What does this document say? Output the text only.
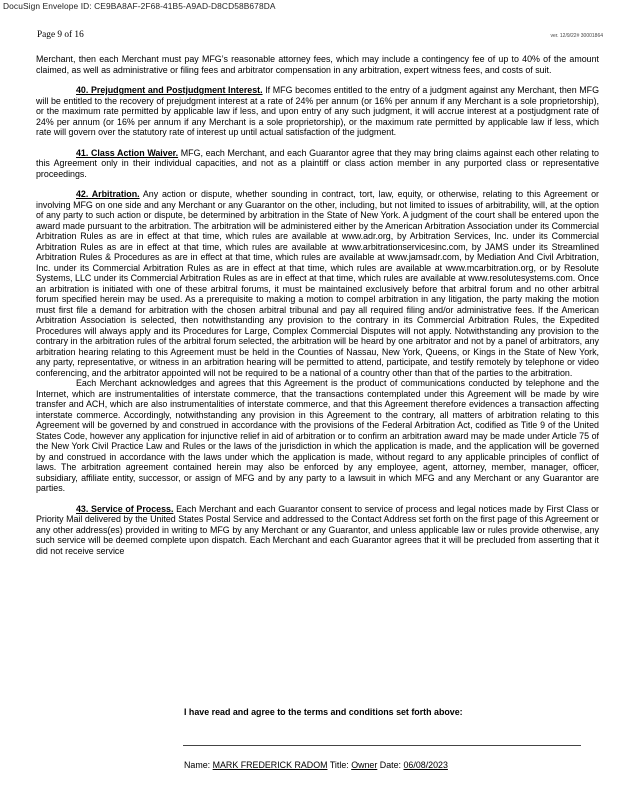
DocuSign Envelope ID: CE9BA8AF-2F68-41B5-A9AD-D8CD58B678DA
Page 9 of 16	ver. 12/9/22# 30001864

Merchant, then each Merchant must pay MFG’s reasonable attorney fees, which may include a contingency fee of up to 40% of the amount claimed, as well as administrative or filing fees and arbitrator compensation in any arbitration, expert witness fees, and costs of suit.

40. Prejudgment and Postjudgment Interest. If MFG becomes entitled to the entry of a judgment against any Merchant, then MFG will be entitled to the recovery of prejudgment interest at a rate of 24% per annum (or 16% per annum if any Merchant is a sole proprietorship), or the maximum rate permitted by applicable law if less, and upon entry of any such judgment, it will accrue interest at a postjudgment rate of 24% per annum (or 16% per annum if any Merchant is a sole proprietorship), or the maximum rate permitted by applicable law if less, which rate will govern over the statutory rate of interest up until actual satisfaction of the judgment.

41. Class Action Waiver. MFG, each Merchant, and each Guarantor agree that they may bring claims against each other relating to this Agreement only in their individual capacities, and not as a plaintiff or class action member in any purported class or representative proceedings.

42. Arbitration. Any action or dispute, whether sounding in contract, tort, law, equity, or otherwise, relating to this Agreement or involving MFG on one side and any Merchant or any Guarantor on the other, including, but not limited to issues of arbitrability, will, at the option of any party to such action or dispute, be determined by arbitration in the State of New York. A judgment of the court shall be entered upon the award made pursuant to the arbitration. The arbitration will be administered either by the American Arbitration Association under its Commercial Arbitration Rules as are in effect at that time, which rules are available at www.adr.org, by Arbitration Services, Inc. under its Commercial Arbitration Rules as are in effect at that time, which rules are available at www.arbitrationservicesinc.com, by JAMS under its Streamlined Arbitration Rules & Procedures as are in effect at that time, which rules are available at www.jamsadr.com, by Mediation And Civil Arbitration, Inc. under its Commercial Arbitration Rules as are in effect at that time, which rules are available at www.mcarbitration.org, or by Resolute Systems, LLC under its Commercial Arbitration Rules as are in effect at that time, which rules are available at www.resolutesystems.com. Once an arbitration is initiated with one of these arbitral forums, it must be maintained exclusively before that arbitral forum and no other arbitral forum specified herein may be used. As a prerequisite to making a motion to compel arbitration in any litigation, the party making the motion must first file a demand for arbitration with the chosen arbitral tribunal and pay all required filing and/or administrative fees. If the American Arbitration Association is selected, then notwithstanding any provision to the contrary in its Commercial Arbitration Rules, the Expedited Procedures will always apply and its Procedures for Large, Complex Commercial Disputes will not apply. Notwithstanding any provision to the contrary in the arbitration rules of the arbitral forum selected, the arbitration will be heard by one arbitrator and not by a panel of arbitrators, any arbitration hearing relating to this Agreement must be held in the Counties of Nassau, New York, Queens, or Kings in the State of New York, any party, representative, or witness in an arbitration hearing will be permitted to attend, participate, and testify remotely by telephone or video conferencing, and the arbitrator appointed will not be required to be a national of a country other than that of the parties to the arbitration.

Each Merchant acknowledges and agrees that this Agreement is the product of communications conducted by telephone and the Internet, which are instrumentalities of interstate commerce, that the transactions contemplated under this Agreement will be made by wire transfer and ACH, which are also instrumentalities of interstate commerce, and that this Agreement therefore evidences a transaction affecting interstate commerce. Accordingly, notwithstanding any provision in this Agreement to the contrary, all matters of arbitration relating to this Agreement will be governed by and construed in accordance with the provisions of the Federal Arbitration Act, codified as Title 9 of the United States Code, however any application for injunctive relief in aid of arbitration or to confirm an arbitration award may be made under Article 75 of the New York Civil Practice Law and Rules or the laws of the jurisdiction in which the application is made, and the application will be governed by and construed in accordance with the laws under which the application is made, without regard to any applicable principles of conflict of laws. The arbitration agreement contained herein may also be enforced by any employee, agent, attorney, member, manager, officer, subsidiary, affiliate entity, successor, or assign of MFG and by any party to a lawsuit in which MFG and any Merchant or any Guarantor are parties.

43. Service of Process. Each Merchant and each Guarantor consent to service of process and legal notices made by First Class or Priority Mail delivered by the United States Postal Service and addressed to the Contact Address set forth on the first page of this Agreement or any other address(es) provided in writing to MFG by any Merchant or any Guarantor, and unless applicable law or rules provide otherwise, any such service will be deemed complete upon dispatch. Each Merchant and each Guarantor agrees that it will be precluded from asserting that it did not receive service

I have read and agree to the terms and conditions set forth above:
Name: MARK FREDERICK RADOM Title: Owner Date: 06/08/2023
